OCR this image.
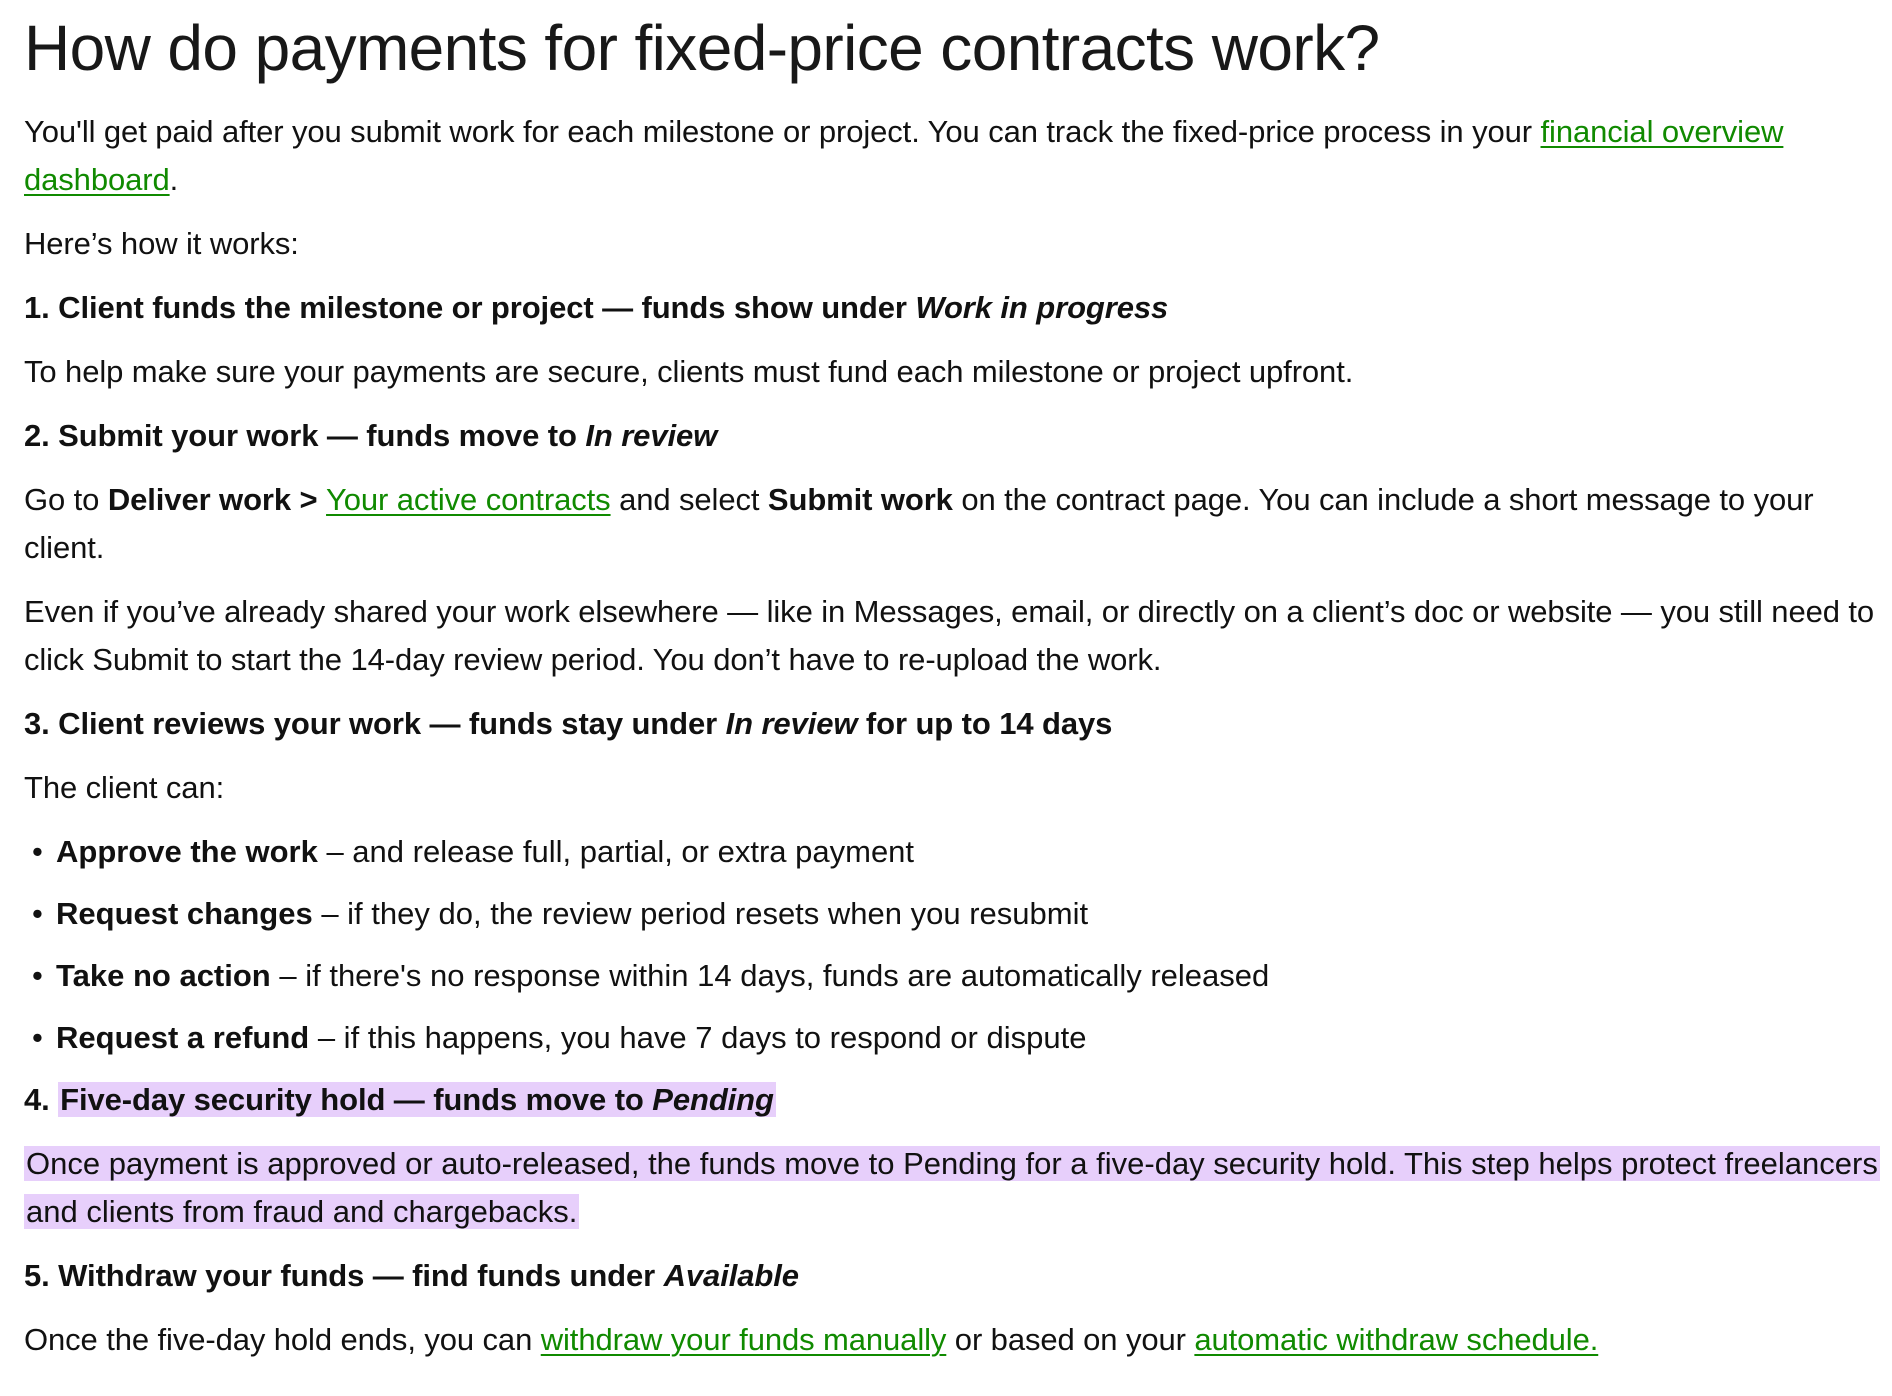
How do payments for fixed-price contracts work?

You'll get paid after you submit work for each milestone or project. You can track the fixed-price process in your financial overview dashboard.

Here’s how it works:

1. Client funds the milestone or project — funds show under Work in progress

To help make sure your payments are secure, clients must fund each milestone or project upfront.

2. Submit your work — funds move to In review

Go to Deliver work > Your active contracts and select Submit work on the contract page. You can include a short message to your client.

Even if you’ve already shared your work elsewhere — like in Messages, email, or directly on a client’s doc or website — you still need to click Submit to start the 14-day review period. You don’t have to re-upload the work.

3. Client reviews your work — funds stay under In review for up to 14 days

The client can:

• Approve the work – and release full, partial, or extra payment
• Request changes – if they do, the review period resets when you resubmit
• Take no action – if there's no response within 14 days, funds are automatically released
• Request a refund – if this happens, you have 7 days to respond or dispute

4. Five-day security hold — funds move to Pending

Once payment is approved or auto-released, the funds move to Pending for a five-day security hold. This step helps protect freelancers and clients from fraud and chargebacks.

5. Withdraw your funds — find funds under Available

Once the five-day hold ends, you can withdraw your funds manually or based on your automatic withdraw schedule.
